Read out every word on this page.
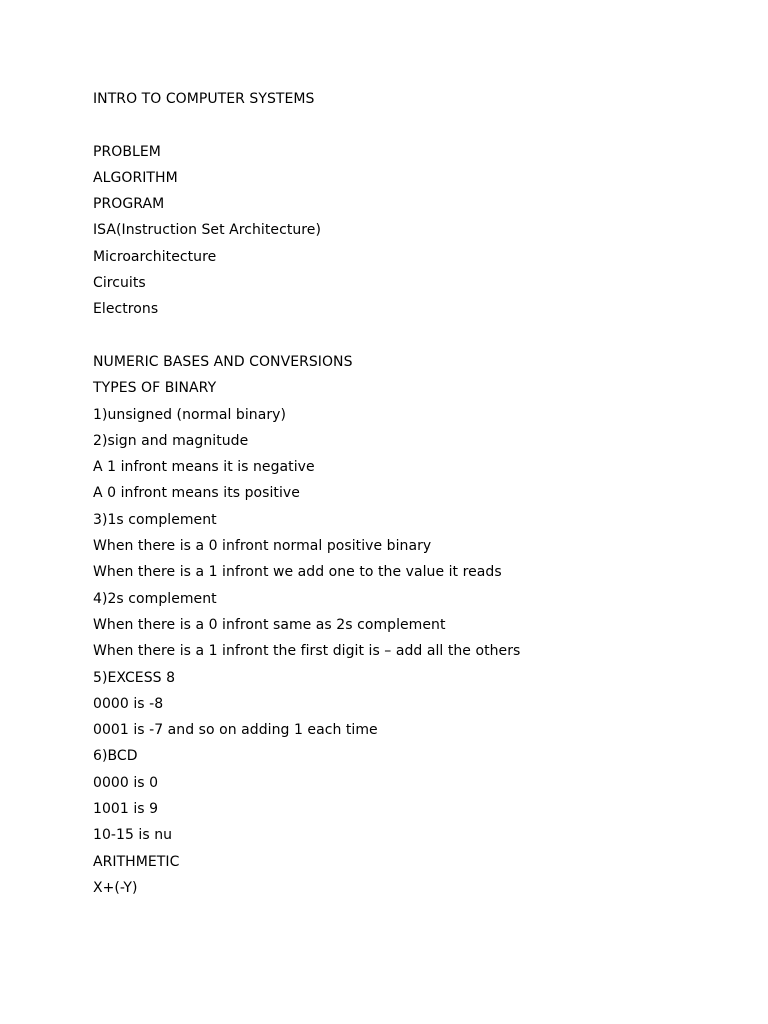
INTRO TO COMPUTER SYSTEMS
PROBLEM
ALGORITHM
PROGRAM
ISA(Instruction Set Architecture)
Microarchitecture
Circuits
Electrons
NUMERIC BASES AND CONVERSIONS
TYPES OF BINARY
1)unsigned (normal binary)
2)sign and magnitude
A 1 infront means it is negative
A 0 infront means its positive
3)1s complement
When there is a 0 infront normal positive binary
When there is a 1 infront we add one to the value it reads
4)2s complement
When there is a 0 infront same as 2s complement
When there is a 1 infront the first digit is – add all the others
5)EXCESS 8
0000 is -8
0001 is -7 and so on adding 1 each time
6)BCD
0000 is 0
1001 is 9
10-15 is nu
ARITHMETIC
X+(-Y)
